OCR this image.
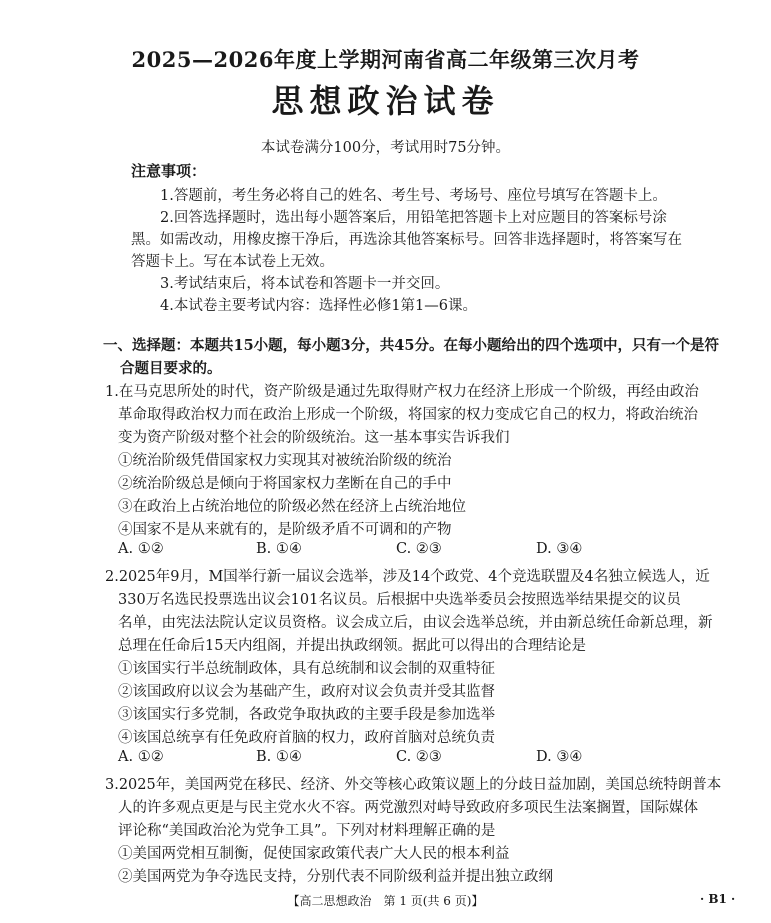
2025—2026年度上学期河南省高二年级第三次月考
思想政治试卷
本试卷满分100分，考试用时75分钟。
注意事项：
1.答题前，考生务必将自己的姓名、考生号、考场号、座位号填写在答题卡上。
2.回答选择题时，选出每小题答案后，用铅笔把答题卡上对应题目的答案标号涂
黑。如需改动，用橡皮擦干净后，再选涂其他答案标号。回答非选择题时，将答案写在
答题卡上。写在本试卷上无效。
3.考试结束后，将本试卷和答题卡一并交回。
4.本试卷主要考试内容：选择性必修1第1—6课。
一、选择题：本题共15小题，每小题3分，共45分。在每小题给出的四个选项中，只有一个是符
合题目要求的。
1.在马克思所处的时代，资产阶级是通过先取得财产权力在经济上形成一个阶级，再经由政治
革命取得政治权力而在政治上形成一个阶级，将国家的权力变成它自己的权力，将政治统治
变为资产阶级对整个社会的阶级统治。这一基本事实告诉我们
①统治阶级凭借国家权力实现其对被统治阶级的统治
②统治阶级总是倾向于将国家权力垄断在自己的手中
③在政治上占统治地位的阶级必然在经济上占统治地位
④国家不是从来就有的，是阶级矛盾不可调和的产物
A. ①②	B. ①④	C. ②③	D. ③④
2.2025年9月，M国举行新一届议会选举，涉及14个政党、4个竞选联盟及4名独立候选人，近
330万名选民投票选出议会101名议员。后根据中央选举委员会按照选举结果提交的议员
名单，由宪法法院认定议员资格。议会成立后，由议会选举总统，并由新总统任命新总理，新
总理在任命后15天内组阁，并提出执政纲领。据此可以得出的合理结论是
①该国实行半总统制政体，具有总统制和议会制的双重特征
②该国政府以议会为基础产生，政府对议会负责并受其监督
③该国实行多党制，各政党争取执政的主要手段是参加选举
④该国总统享有任免政府首脑的权力，政府首脑对总统负责
A. ①②	B. ①④	C. ②③	D. ③④
3.2025年，美国两党在移民、经济、外交等核心政策议题上的分歧日益加剧，美国总统特朗普本
人的许多观点更是与民主党水火不容。两党激烈对峙导致政府多项民生法案搁置，国际媒体
评论称“美国政治沦为党争工具”。下列对材料理解正确的是
①美国两党相互制衡，促使国家政策代表广大人民的根本利益
②美国两党为争夺选民支持，分别代表不同阶级利益并提出独立政纲
【高二思想政治　第 1 页(共 6 页)】	· B1 ·
